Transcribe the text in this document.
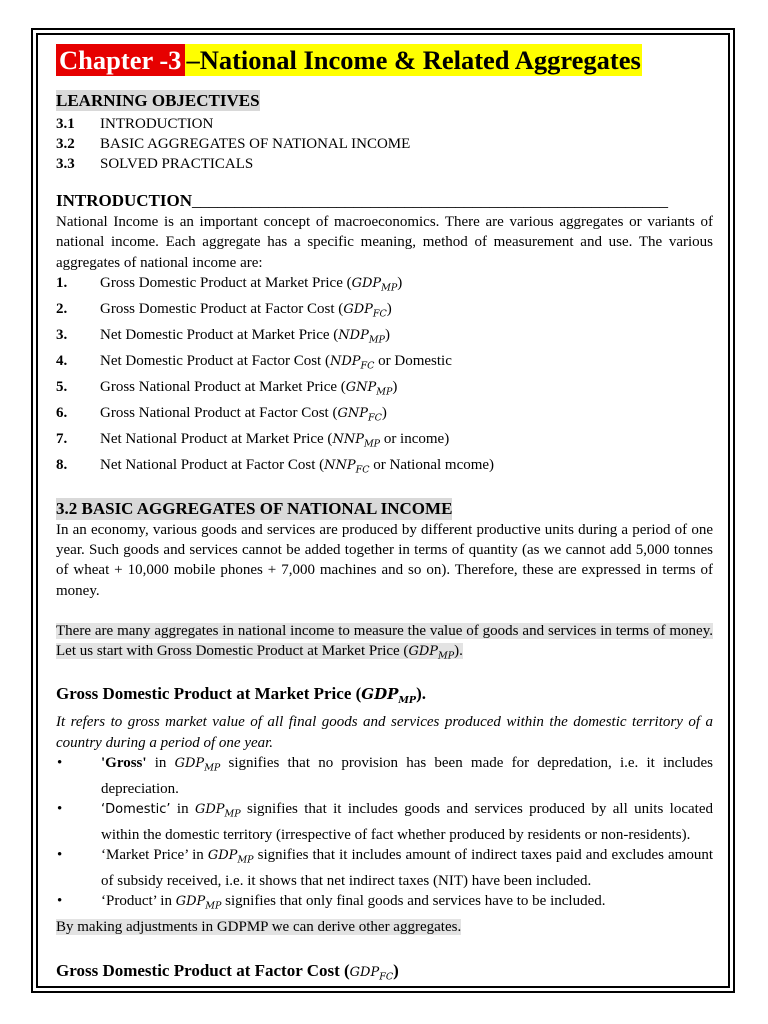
Chapter -3 –National Income & Related Aggregates
LEARNING OBJECTIVES
3.1	INTRODUCTION
3.2	BASIC AGGREGATES OF NATIONAL INCOME
3.3	SOLVED PRACTICALS
INTRODUCTION________________________________________________________

National Income is an important concept of macroeconomics. There are various aggregates or variants of national income. Each aggregate has a specific meaning, method of measurement and use. The various aggregates of national income are:

1.	Gross Domestic Product at Market Price $(GDP_{MP})$
2.	Gross Domestic Product at Factor Cost $(GDP_{FC})$
3.	Net Domestic Product at Market Price $(NDP_{MP})$
4.	Net Domestic Product at Factor Cost ($NDP_{FC}$ or Domestic
5.	Gross National Product at Market Price $(GNP_{MP})$
6.	Gross National Product at Factor Cost $(GNP_{FC})$
7.	Net National Product at Market Price ($NNP_{MP}$ or income)
8.	Net National Product at Factor Cost ($NNP_{FC}$ or National mcome)
3.2 BASIC AGGREGATES OF NATIONAL INCOME

In an economy, various goods and services are produced by different productive units during a period of one year. Such goods and services cannot be added together in terms of quantity (as we cannot add 5,000 tonnes of wheat + 10,000 mobile phones + 7,000 machines and so on). Therefore, these are expressed in terms of money.

There are many aggregates in national income to measure the value of goods and services in terms of money. Let us start with Gross Domestic Product at Market Price $(GDP_{MP})$.

Gross Domestic Product at Market Price $(GDP_{MP})$.
It refers to gross market value of all final goods and services produced within the domestic territory of a country during a period of one year.
•	'Gross' in $GDP_{MP}$ signifies that no provision has been made for depredation, i.e. it includes depreciation.
•	‘Domestic’ in $GDP_{MP}$ signifies that it includes goods and services produced by all units located within the domestic territory (irrespective of fact whether produced by residents or non-residents).
•	‘Market Price’ in $GDP_{MP}$ signifies that it includes amount of indirect taxes paid and excludes amount of subsidy received, i.e. it shows that net indirect taxes (NIT) have been included.
•	‘Product’ in $GDP_{MP}$ signifies that only final goods and services have to be included.
By making adjustments in GDPMP we can derive other aggregates.
Gross Domestic Product at Factor Cost $(GDP_{FC})$
